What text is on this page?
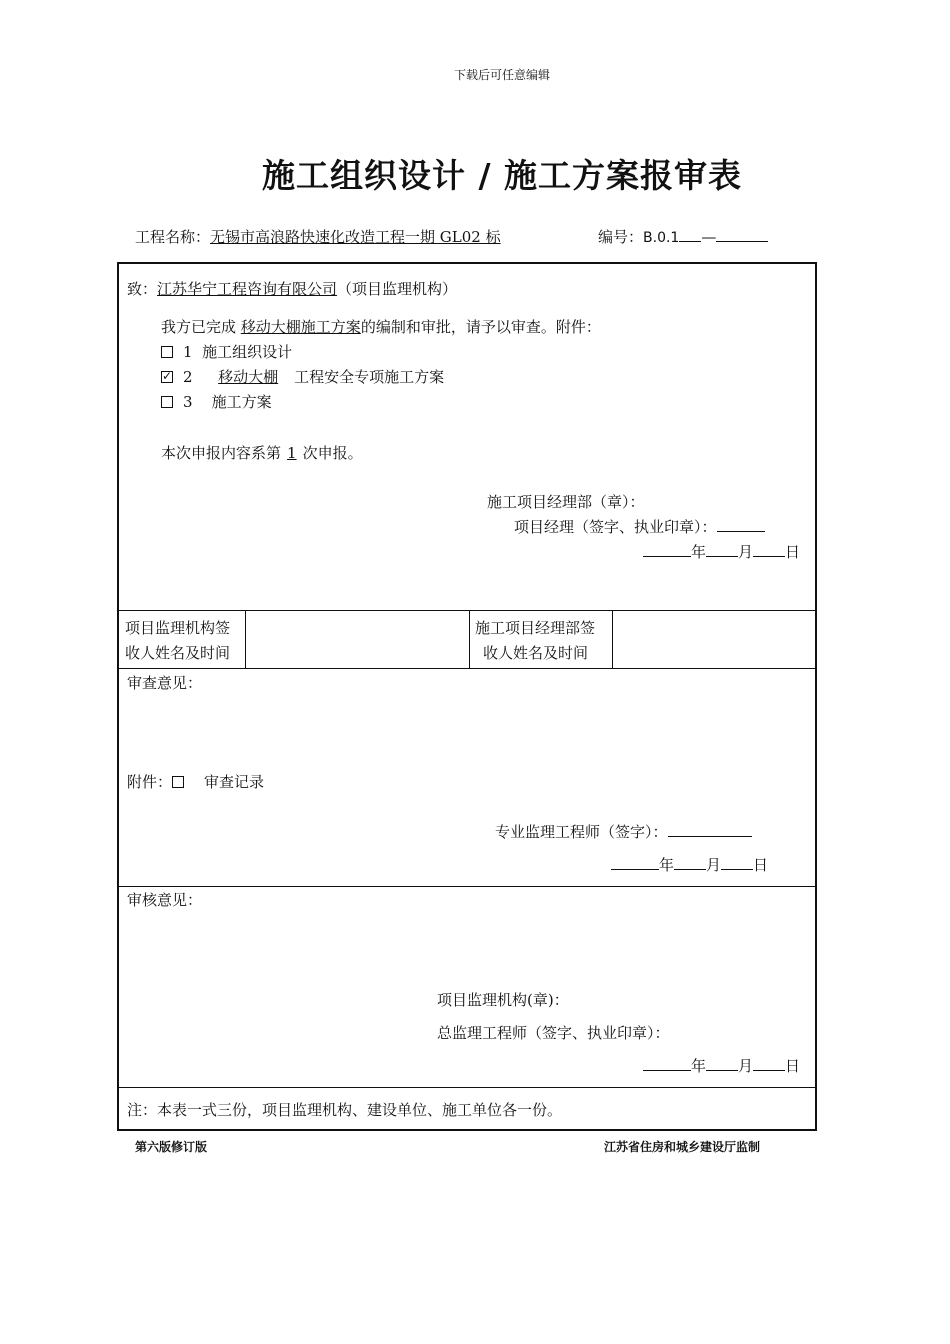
下载后可任意编辑
施工组织设计 / 施工方案报审表
工程名称：无锡市高浪路快速化改造工程一期 GL02 标	编号：B.0.1 —
致：江苏华宁工程咨询有限公司（项目监理机构）
我方已完成 移动大棚施工方案的编制和审批，请予以审查。附件：
1 施工组织设计
✓2 移动大棚 工程安全专项施工方案
3 施工方案
本次申报内容系第 1 次申报。
施工项目经理部（章）：
项目经理（签字、执业印章）：
年 月 日
项目监理机构签
收人姓名及时间
施工项目经理部签
收人姓名及时间
审查意见：
附件： 审查记录
专业监理工程师（签字）：
年 月 日
审核意见：
项目监理机构(章)：
总监理工程师（签字、执业印章）：
年 月 日
注：本表一式三份，项目监理机构、建设单位、施工单位各一份。
第六版修订版	江苏省住房和城乡建设厅监制
